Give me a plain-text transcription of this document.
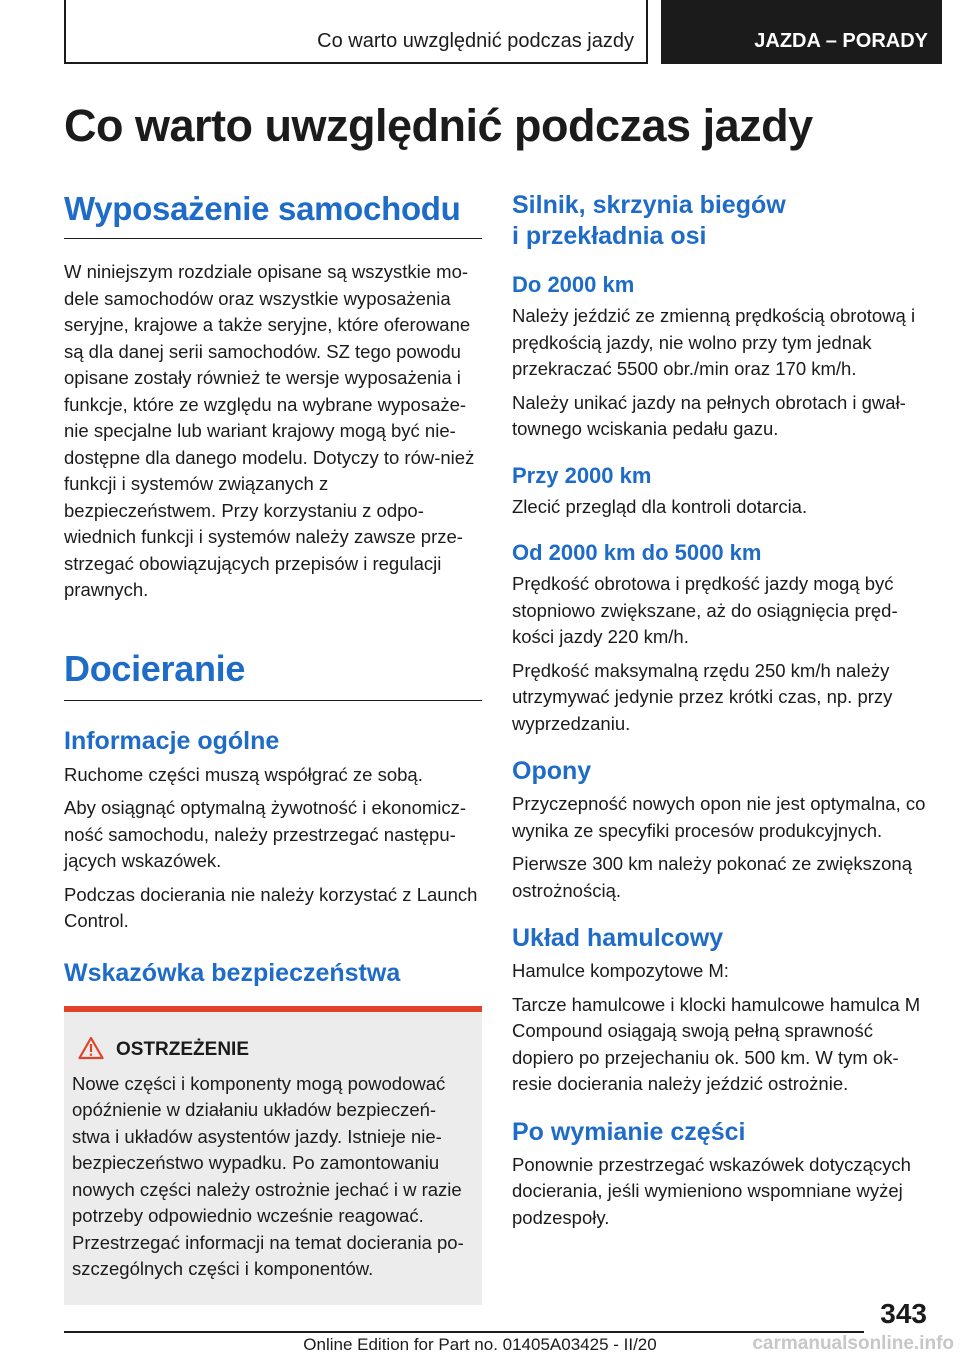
Co warto uwzględnić podczas jazdy	JAZDA – PORADY
Co warto uwzględnić podczas jazdy
Wyposażenie samochodu

W niniejszym rozdziale opisane są wszystkie mo-dele samochodów oraz wszystkie wyposażenia seryjne, krajowe a także seryjne, które oferowane są dla danej serii samochodów. SZ tego powodu opisane zostały również te wersje wyposażenia i funkcje, które ze względu na wybrane wyposaże-nie specjalne lub wariant krajowy mogą być nie-dostępne dla danego modelu. Dotyczy to rów-nież funkcji i systemów związanych z bezpieczeństwem. Przy korzystaniu z odpo-wiednich funkcji i systemów należy zawsze prze-strzegać obowiązujących przepisów i regulacji prawnych.

Docieranie
Informacje ogólne

Ruchome części muszą współgrać ze sobą.

Aby osiągnąć optymalną żywotność i ekonomicz-ność samochodu, należy przestrzegać następu-jących wskazówek.

Podczas docierania nie należy korzystać z Launch Control.

Wskazówka bezpieczeństwa
OSTRZEŻENIE

Nowe części i komponenty mogą powodować opóźnienie w działaniu układów bezpieczeń-stwa i układów asystentów jazdy. Istnieje nie-bezpieczeństwo wypadku. Po zamontowaniu nowych części należy ostrożnie jechać i w razie potrzeby odpowiednio wcześnie reagować. Przestrzegać informacji na temat docierania po-szczególnych części i komponentów.

Silnik, skrzynia biegów
i przekładnia osi
Do 2000 km

Należy jeździć ze zmienną prędkością obrotową i prędkością jazdy, nie wolno przy tym jednak przekraczać 5500 obr./min oraz 170 km/h.

Należy unikać jazdy na pełnych obrotach i gwał-townego wciskania pedału gazu.

Przy 2000 km

Zlecić przegląd dla kontroli dotarcia.

Od 2000 km do 5000 km

Prędkość obrotowa i prędkość jazdy mogą być stopniowo zwiększane, aż do osiągnięcia pręd-kości jazdy 220 km/h.

Prędkość maksymalną rzędu 250 km/h należy utrzymywać jedynie przez krótki czas, np. przy wyprzedzaniu.

Opony

Przyczepność nowych opon nie jest optymalna, co wynika ze specyfiki procesów produkcyjnych.

Pierwsze 300 km należy pokonać ze zwiększoną ostrożnością.

Układ hamulcowy

Hamulce kompozytowe M:

Tarcze hamulcowe i klocki hamulcowe hamulca M Compound osiągają swoją pełną sprawność dopiero po przejechaniu ok. 500 km. W tym ok-resie docierania należy jeździć ostrożnie.

Po wymianie części

Ponownie przestrzegać wskazówek dotyczących docierania, jeśli wymieniono wspomniane wyżej podzespoły.

343
Online Edition for Part no. 01405A03425 - II/20	carmanualsonline.info
